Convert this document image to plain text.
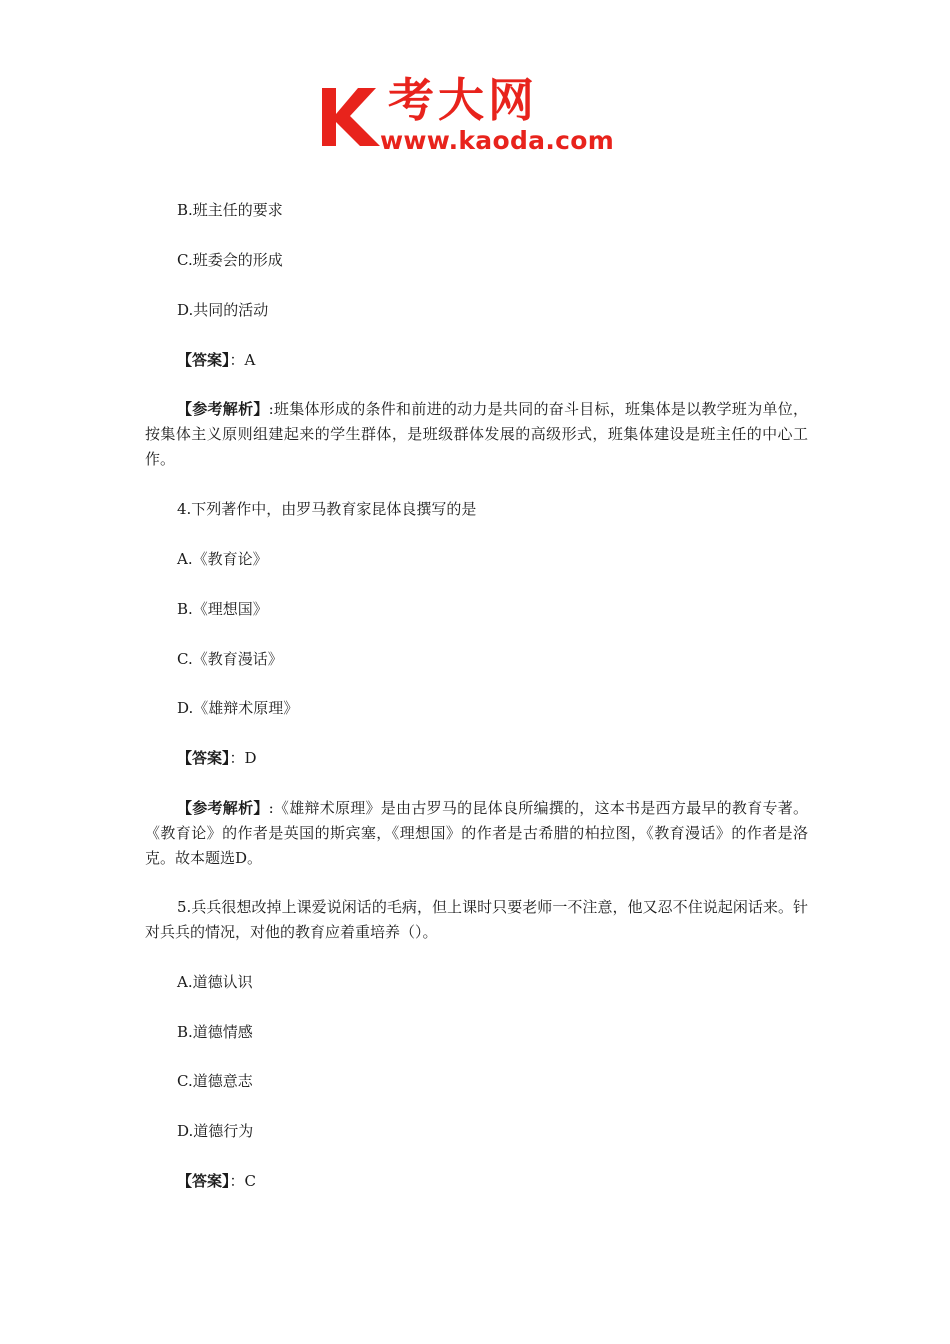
考大网
www.kaoda.com
B.班主任的要求
C.班委会的形成
D.共同的活动
【答案】：A
【参考解析】:班集体形成的条件和前进的动力是共同的奋斗目标，班集体是以教学班为单位，按集体主义原则组建起来的学生群体，是班级群体发展的高级形式，班集体建设是班主任的中心工作。
4.下列著作中，由罗马教育家昆体良撰写的是
A.《教育论》
B.《理想国》
C.《教育漫话》
D.《雄辩术原理》
【答案】：D
【参考解析】:《雄辩术原理》是由古罗马的昆体良所编撰的，这本书是西方最早的教育专著。《教育论》的作者是英国的斯宾塞，《理想国》的作者是古希腊的柏拉图，《教育漫话》的作者是洛克。故本题选D。
5.兵兵很想改掉上课爱说闲话的毛病，但上课时只要老师一不注意，他又忍不住说起闲话来。针对兵兵的情况，对他的教育应着重培养（）。
A.道德认识
B.道德情感
C.道德意志
D.道德行为
【答案】：C
